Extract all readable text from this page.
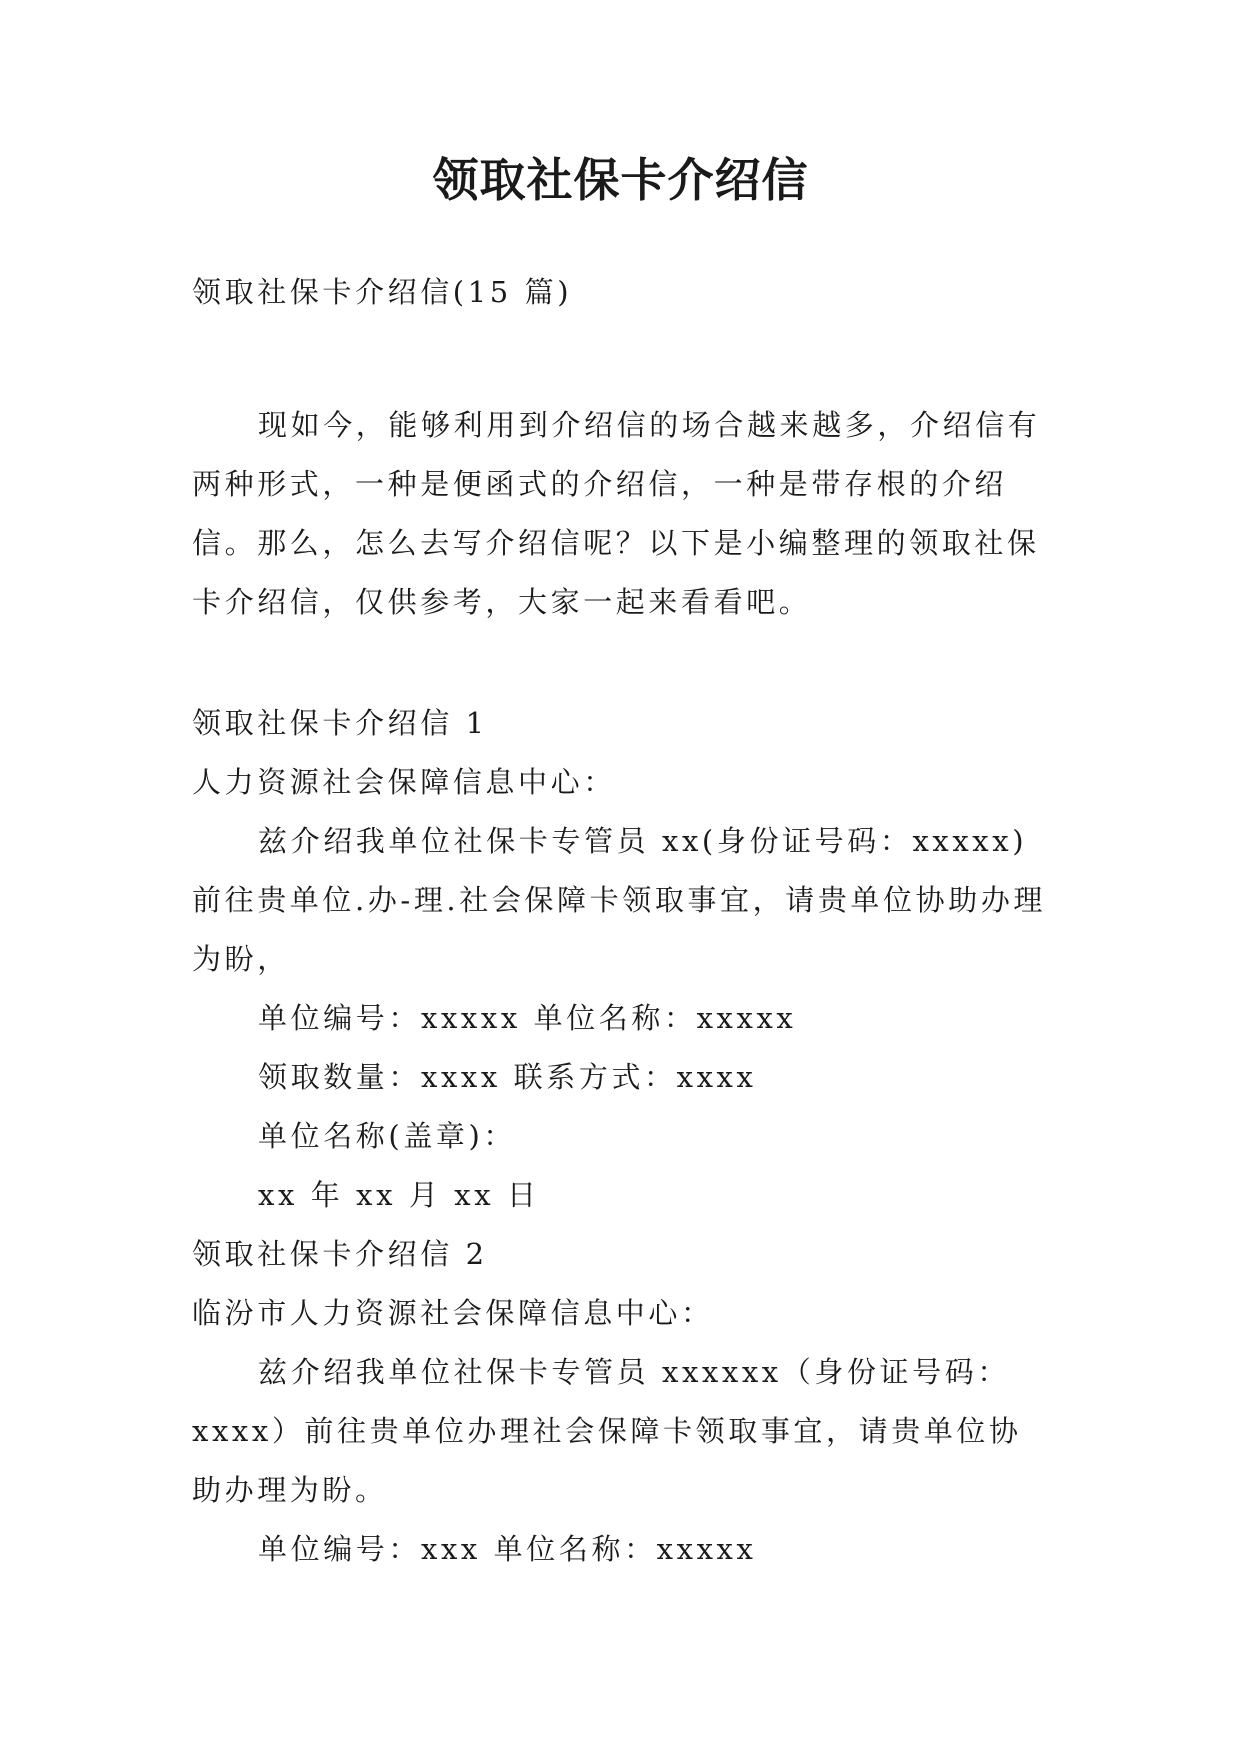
领取社保卡介绍信

领取社保卡介绍信(15 篇)

现如今，能够利用到介绍信的场合越来越多，介绍信有两种形式，一种是便函式的介绍信，一种是带存根的介绍信。那么，怎么去写介绍信呢？以下是小编整理的领取社保卡介绍信，仅供参考，大家一起来看看吧。

领取社保卡介绍信 1

人力资源社会保障信息中心：

兹介绍我单位社保卡专管员 xx(身份证号码：xxxxx)前往贵单位.办-理.社会保障卡领取事宜，请贵单位协助办理为盼，

单位编号：xxxxx 单位名称：xxxxx

领取数量：xxxx 联系方式：xxxx

单位名称(盖章)：

xx 年 xx 月 xx 日

领取社保卡介绍信 2

临汾市人力资源社会保障信息中心：

兹介绍我单位社保卡专管员 xxxxxx（身份证号码：xxxx）前往贵单位办理社会保障卡领取事宜，请贵单位协助办理为盼。

单位编号：xxx 单位名称：xxxxx
